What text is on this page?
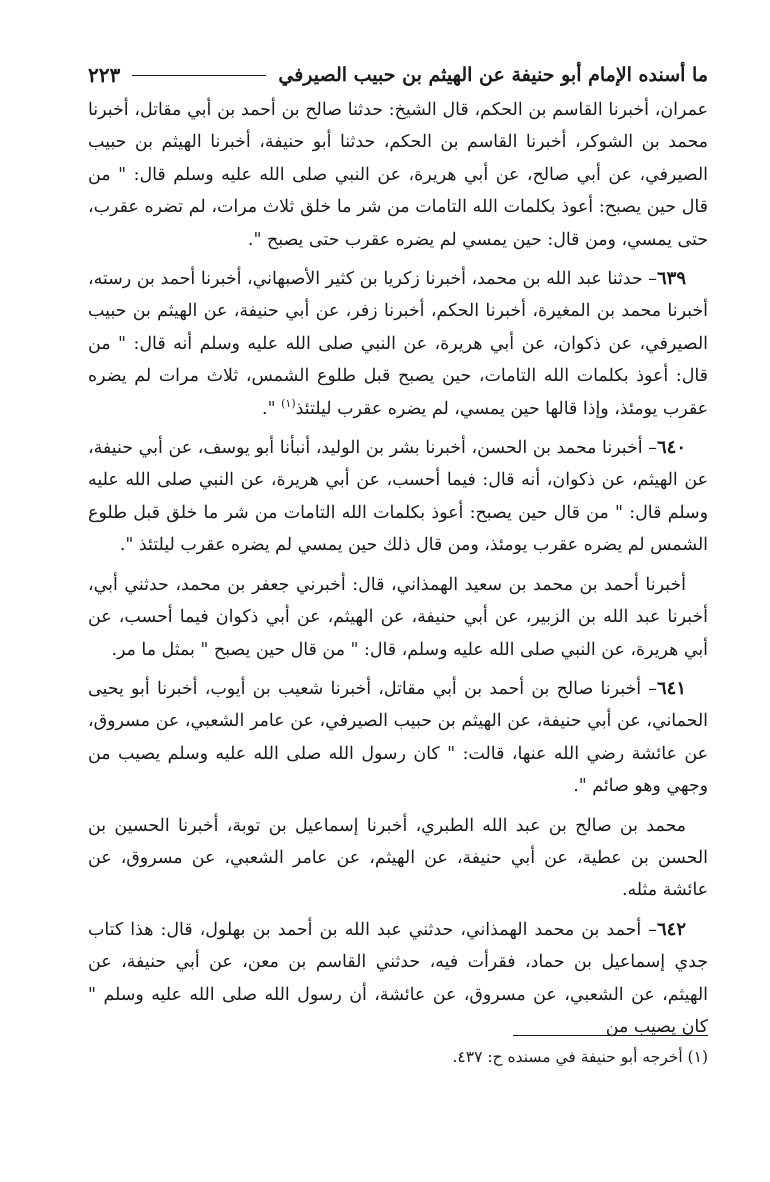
ما أسنده الإمام أبو حنيفة عن الهيثم بن حبيب الصيرفي
٢٢٣

عمران، أخبرنا القاسم بن الحكم، قال الشيخ: حدثنا صالح بن أحمد بن أبي مقاتل، أخبرنا محمد بن الشوكر، أخبرنا القاسم بن الحكم، حدثنا أبو حنيفة، أخبرنا الهيثم بن حبيب الصيرفي، عن أبي صالح، عن أبي هريرة، عن النبي صلى الله عليه وسلم قال: " من قال حين يصبح: أعوذ بكلمات الله التامات من شر ما خلق ثلاث مرات، لم تضره عقرب، حتى يمسي، ومن قال: حين يمسي لم يضره عقرب حتى يصبح ".

٦٣٩– حدثنا عبد الله بن محمد، أخبرنا زكريا بن كثير الأصبهاني، أخبرنا أحمد بن رسته، أخبرنا محمد بن المغيرة، أخبرنا الحكم، أخبرنا زفر، عن أبي حنيفة، عن الهيثم بن حبيب الصيرفي، عن ذكوان، عن أبي هريرة، عن النبي صلى الله عليه وسلم أنه قال: " من قال: أعوذ بكلمات الله التامات، حين يصبح قبل طلوع الشمس، ثلاث مرات لم يضره عقرب يومئذ، وإذا قالها حين يمسي، لم يضره عقرب ليلتئذ$^{(١)}$ ".

٦٤٠– أخبرنا محمد بن الحسن، أخبرنا بشر بن الوليد، أنبأنا أبو يوسف، عن أبي حنيفة، عن الهيثم، عن ذكوان، أنه قال: فيما أحسب، عن أبي هريرة، عن النبي صلى الله عليه وسلم قال: " من قال حين يصبح: أعوذ بكلمات الله التامات من شر ما خلق قبل طلوع الشمس لم يضره عقرب يومئذ، ومن قال ذلك حين يمسي لم يضره عقرب ليلتئذ ".

أخبرنا أحمد بن محمد بن سعيد الهمذاني، قال: أخبرني جعفر بن محمد، حدثني أبي، أخبرنا عبد الله بن الزبير، عن أبي حنيفة، عن الهيثم، عن أبي ذكوان فيما أحسب، عن أبي هريرة، عن النبي صلى الله عليه وسلم، قال: " من قال حين يصبح " بمثل ما مر.

٦٤١– أخبرنا صالح بن أحمد بن أبي مقاتل، أخبرنا شعيب بن أيوب، أخبرنا أبو يحيى الحماني، عن أبي حنيفة، عن الهيثم بن حبيب الصيرفي، عن عامر الشعبي، عن مسروق، عن عائشة رضي الله عنها، قالت: " كان رسول الله صلى الله عليه وسلم يصيب من وجهي وهو صائم ".

محمد بن صالح بن عبد الله الطبري، أخبرنا إسماعيل بن توبة، أخبرنا الحسين بن الحسن بن عطية، عن أبي حنيفة، عن الهيثم، عن عامر الشعبي، عن مسروق، عن عائشة مثله.

٦٤٢– أحمد بن محمد الهمذاني، حدثني عبد الله بن أحمد بن بهلول، قال: هذا كتاب جدي إسماعيل بن حماد، فقرأت فيه، حدثني القاسم بن معن، عن أبي حنيفة، عن الهيثم، عن الشعبي، عن مسروق، عن عائشة، أن رسول الله صلى الله عليه وسلم " كان يصيب من

(١) أخرجه أبو حنيفة في مسنده ح: ٤٣٧.
